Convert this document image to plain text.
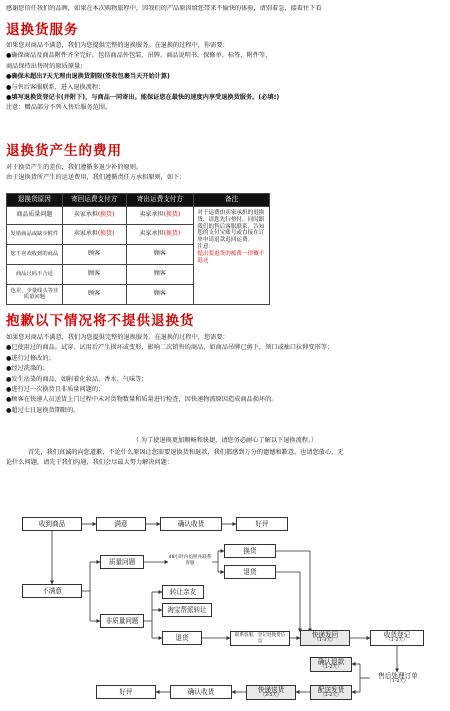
感谢您信任我们的品牌，如果在本次购物旅程中，因我们的产品原因给您带来不愉快的体验，请别着急，接着往下看
退换货服务
如果您对商品不满意，我们为您提供完整的退换服务。在退换的过程中，你需要：
●确保商品及商品附件齐全完好，包括商品外包装、吊牌、商品说明书、保修单、标签、附件等，
商品保持出售时的原质原量；
●确保未超出7天无理由退换货期限(签收包裹当天开始计算)
●与售后客服联系，进入退换流程；
●填写退换货登记卡(并附下)，与商品一同寄出。能保证您在最快的速度内享受退换货服务。(必填!)
注意：赠品部分不列入售后服务范围。
退换货产生的费用
对于换货产生的差价，我们遵循多退少补的原则。
由于退换货所产生的运送费用，我们遵循责任方承担原则，如下：
退换货原因	寄回运费支付方	寄出运费支付方	备注
商品质量问题	卖家承担(换货)	卖家承担(换货)	对于运费由卖家承担的退换货，请您先行垫付，同时跟我们的售后客服联系，告知您的支付宝账号或直接在订单申请退款退回运费。
注意：
提出要退货的邮费一律概不退还
发错商品或缺少附件	卖家承担(换货)	卖家承担(换货)	
您不喜欢收到的商品	顾客	顾客	
商品尺码不合适	顾客	顾客	
色差、少量线头等非质量问题	顾客	顾客	
抱歉以下情况将不提供退换货
如果您对商品不满意，我们为您提供完整的退换服务。在退换的过程中，您需要：
●已使用过的商品。试穿、试用后产生损坏或变形，影响二次销售的商品，如商品吊牌已剪下，领口或袖口拉伸变形等；
●进行过修改的；
●经过洗涤的；
●发生沾染的商品，如附着化妆品、香水、气味等；
●进行过一次换货且非质量问题的；
●顾客在快递人员送货上门过程中未对货物数量和质量进行检查，因快递物流原因造成商品损坏的。
●超过七日退换货期限的。
（ 为了使退换更加顺畅和快捷，请您务必耐心了解以下退换流程。）
首先，我们真诚的向您道歉，不论什么原因让您需要退换货和退款，我们都感到万分的遗憾和歉意。也请您放心，无
论什么问题，请先于我们沟通，我们会尽最大努力解决问题：
收到商品	满意	确认收货	好评
不满意
质量问题
48小时内拍照并联系客服
换货
退货
非质量问题
转让亲友
淘宝帮派转让
退货	联系客服，登记退换货信息
快递发回
（1-3天）
收货登记
（1-2天）
确认退款
（1-2天）
售后处理订单
（1-2天）
配送发货
（1-2天）
快递送货
（3-5天）
确认收货
好评
